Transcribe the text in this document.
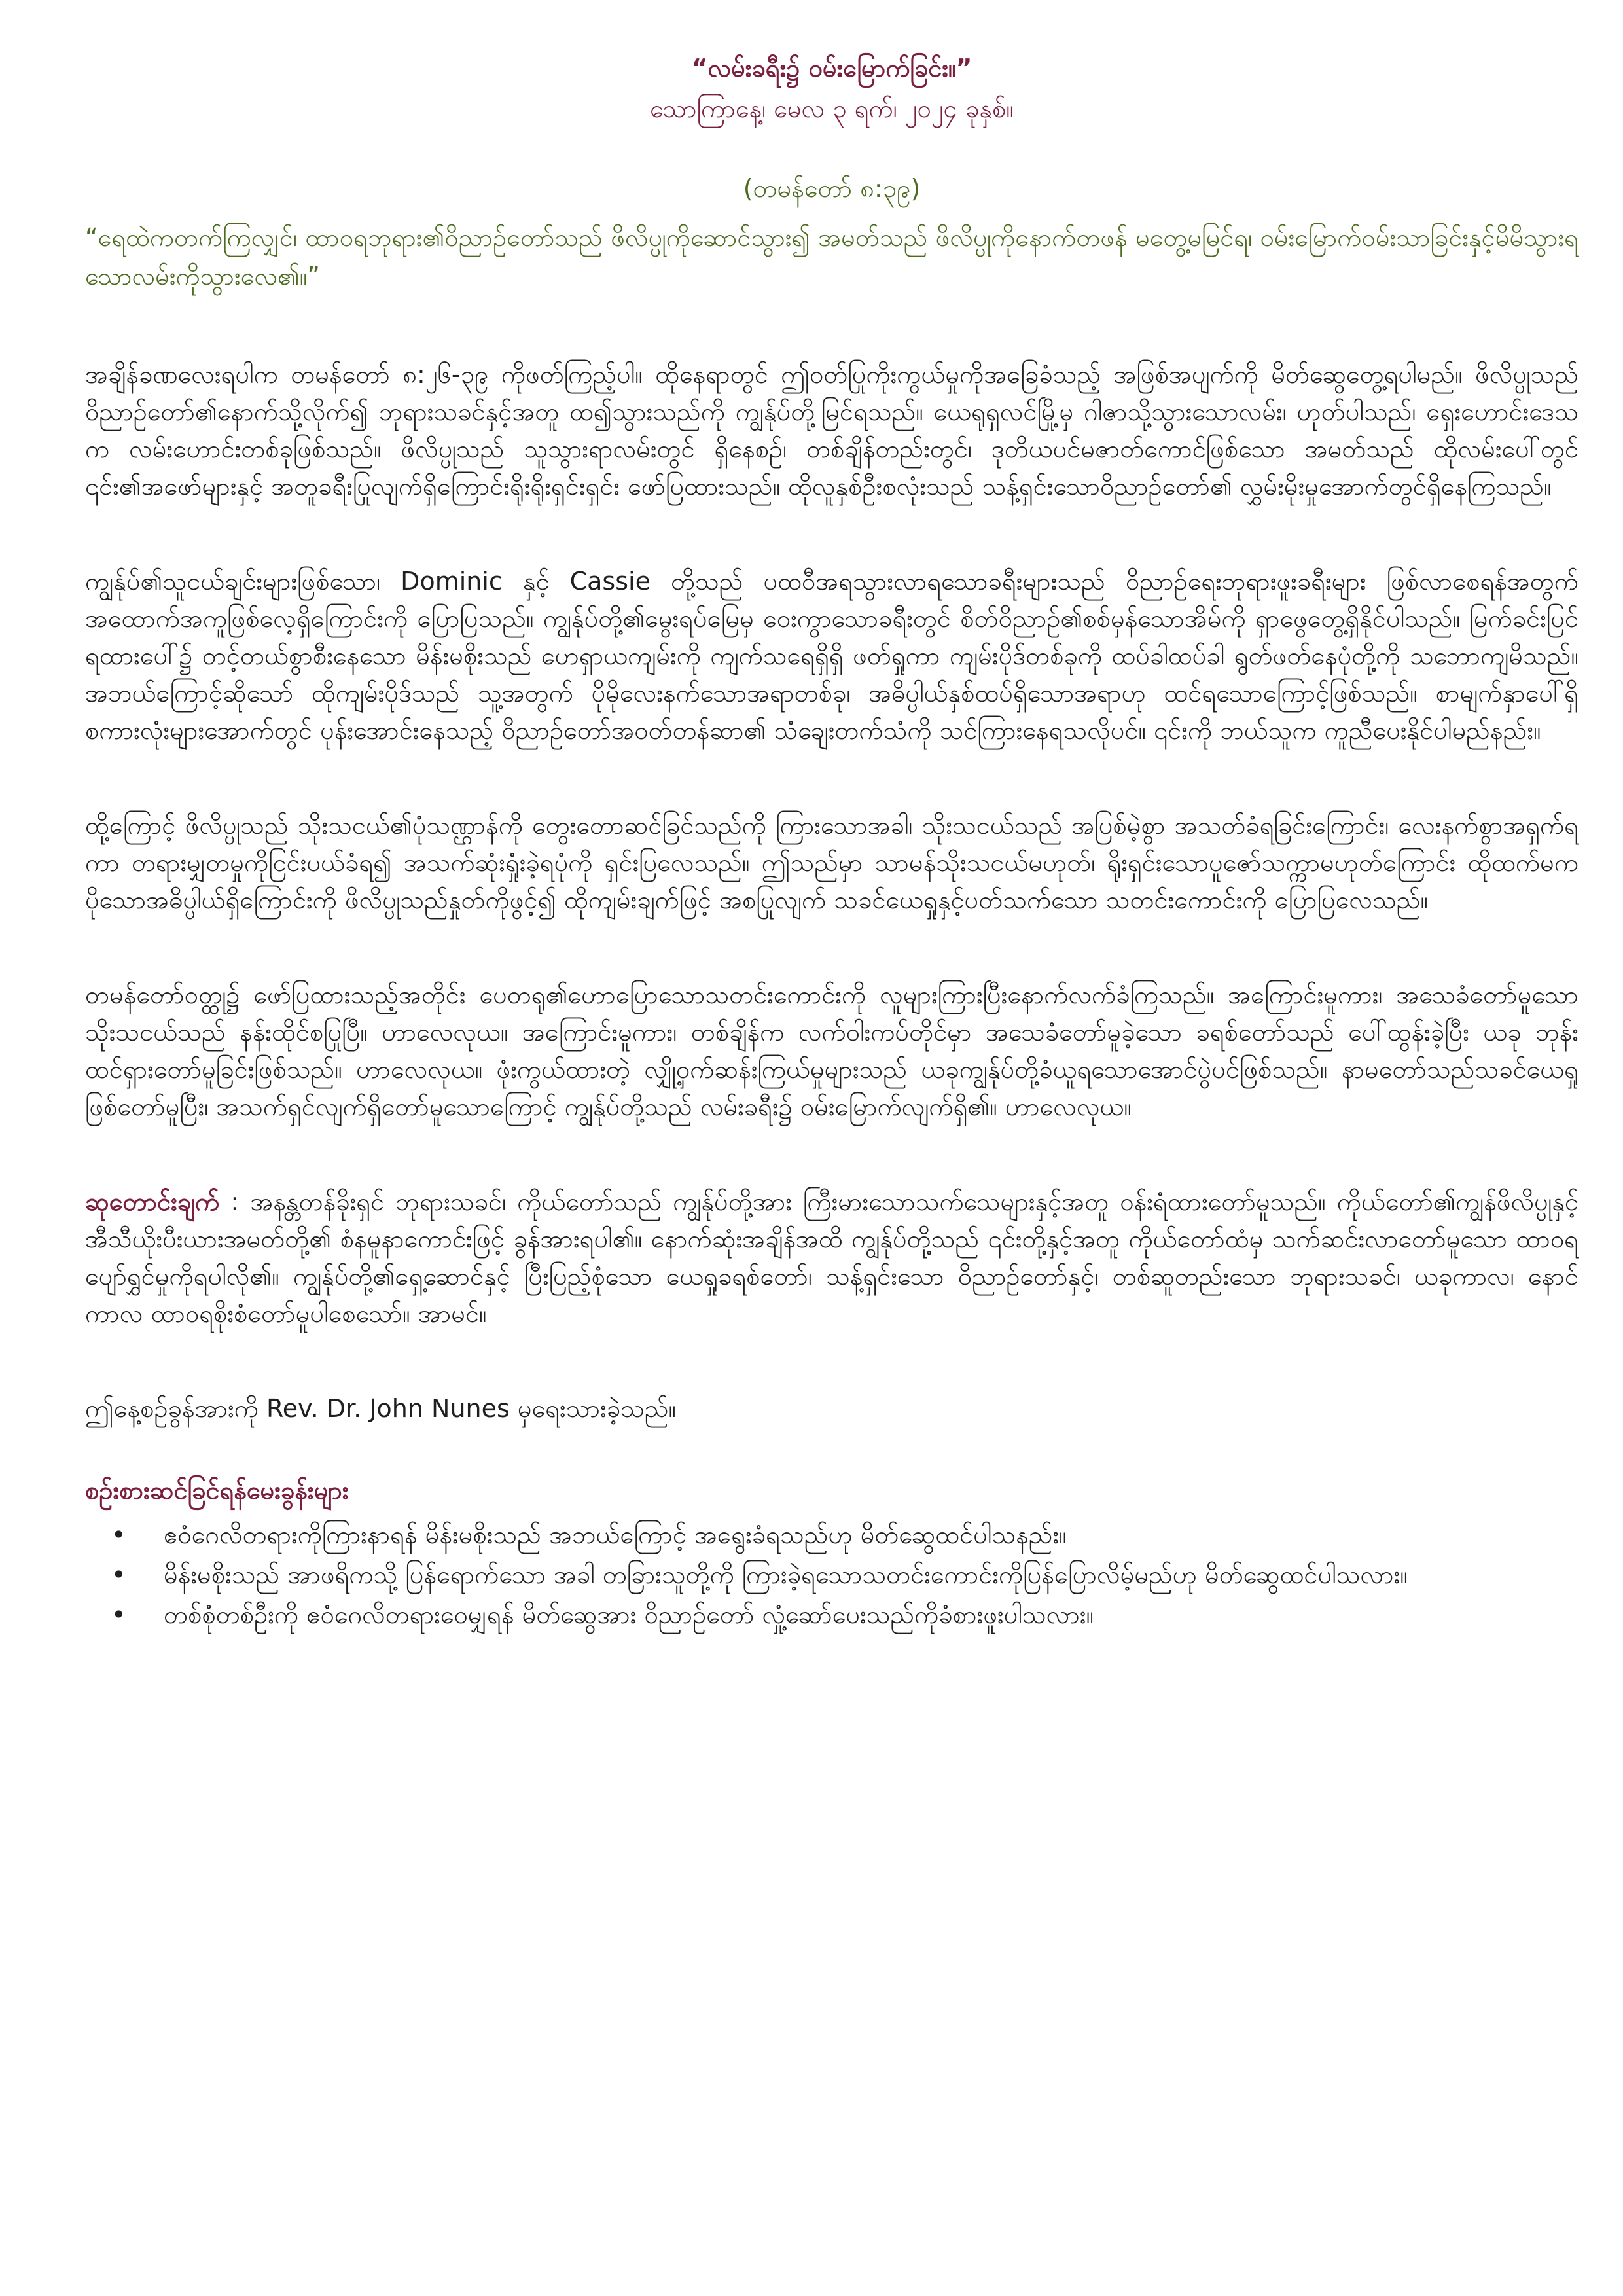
“လမ်းခရီး၌ ဝမ်းမြောက်ခြင်း။”
သောကြာနေ့၊ မေလ ၃ ရက်၊ ၂၀၂၄ ခုနှစ်။
(တမန်တော် ၈:၃၉)
“ရေထဲကတက်ကြလျှင်၊ ထာဝရဘုရား၏ဝိညာဉ်တော်သည် ဖိလိပ္ပုကိုဆောင်သွား၍ အမတ်သည် ဖိလိပ္ပုကိုနောက်တဖန် မတွေ့မမြင်ရ၊ ဝမ်းမြောက်ဝမ်းသာခြင်းနှင့်မိမိသွားရသောလမ်းကိုသွားလေ၏။”

အချိန်ခဏလေးရပါက တမန်တော် ၈:၂၆-၃၉ ကိုဖတ်ကြည့်ပါ။ ထိုနေရာတွင် ဤဝတ်ပြုကိုးကွယ်မှုကိုအခြေခံသည့် အဖြစ်အပျက်ကို မိတ်ဆွေတွေ့ရပါမည်။ ဖိလိပ္ပုသည်ဝိညာဉ်တော်၏နောက်သို့လိုက်၍ ဘုရားသခင်နှင့်အတူ ထ၍သွားသည်ကို ကျွန်ုပ်တို့မြင်ရသည်။ ယေရုရှလင်မြို့မှ ဂါဇာသို့သွားသောလမ်း၊ ဟုတ်ပါသည်၊ ရှေးဟောင်းဒေသက လမ်းဟောင်းတစ်ခုဖြစ်သည်။ ဖိလိပ္ပုသည် သူသွားရာလမ်းတွင် ရှိနေစဉ်၊ တစ်ချိန်တည်းတွင်၊ ဒုတိယပင်မဇာတ်ကောင်ဖြစ်သော အမတ်သည် ထိုလမ်းပေါ်တွင် ၎င်း၏အဖော်များနှင့် အတူခရီးပြုလျက်ရှိကြောင်းရိုးရိုးရှင်းရှင်း ဖော်ပြထားသည်။ ထိုလူနှစ်ဦးစလုံးသည် သန့်ရှင်းသောဝိညာဉ်တော်၏ လွှမ်းမိုးမှုအောက်တွင်ရှိနေကြသည်။

ကျွန်ုပ်၏သူငယ်ချင်းများဖြစ်သော၊ Dominic နှင့် Cassie တို့သည် ပထဝီအရသွားလာရသောခရီးများသည် ဝိညာဉ်ရေးဘုရားဖူးခရီးများ ဖြစ်လာစေရန်အတွက် အထောက်အကူဖြစ်လေ့ရှိကြောင်းကို ပြောပြသည်။ ကျွန်ုပ်တို့၏မွေးရပ်မြေမှ ဝေးကွာသောခရီးတွင် စိတ်ဝိညာဉ်၏စစ်မှန်သောအိမ်ကို ရှာဖွေတွေ့ရှိနိုင်ပါသည်။ မြက်ခင်းပြင်ရထားပေါ်၌ တင့်တယ်စွာစီးနေသော မိန်းမစိုးသည် ဟေရှာယကျမ်းကို ကျက်သရေရှိရှိ ဖတ်ရှုကာ ကျမ်းပိုဒ်တစ်ခုကို ထပ်ခါထပ်ခါ ရွတ်ဖတ်နေပုံတို့ကို သဘောကျမိသည်။ အဘယ်ကြောင့်ဆိုသော် ထိုကျမ်းပိုဒ်သည် သူ့အတွက် ပိုမိုလေးနက်သောအရာတစ်ခု၊ အဓိပ္ပါယ်နှစ်ထပ်ရှိသောအရာဟု ထင်ရသောကြောင့်ဖြစ်သည်။ စာမျက်နှာပေါ်ရှိ စကားလုံးများအောက်တွင် ပုန်းအောင်းနေသည့် ဝိညာဉ်တော်အဝတ်တန်ဆာ၏ သံချေးတက်သံကို သင်ကြားနေရသလိုပင်။ ၎င်းကို ဘယ်သူက ကူညီပေးနိုင်ပါမည်နည်း။

ထို့ကြောင့် ဖိလိပ္ပုသည် သိုးသငယ်၏ပုံသဏ္ဌာန်ကို တွေးတောဆင်ခြင်သည်ကို ကြားသောအခါ၊ သိုးသငယ်သည် အပြစ်မဲ့စွာ အသတ်ခံရခြင်းကြောင်း၊ လေးနက်စွာအရှက်ရကာ တရားမျှတမှုကိုငြင်းပယ်ခံရ၍ အသက်ဆုံးရှုံးခဲ့ရပုံကို ရှင်းပြလေသည်။ ဤသည်မှာ သာမန်သိုးသငယ်မဟုတ်၊ ရိုးရှင်းသောပူဇော်သက္ကာမဟုတ်ကြောင်း ထိုထက်မက ပိုသောအဓိပ္ပါယ်ရှိကြောင်းကို ဖိလိပ္ပုသည်နှုတ်ကိုဖွင့်၍ ထိုကျမ်းချက်ဖြင့် အစပြုလျက် သခင်ယေရှုနှင့်ပတ်သက်သော သတင်းကောင်းကို ပြောပြလေသည်။

တမန်တော်ဝတ္ထု၌ ဖော်ပြထားသည့်အတိုင်း ပေတရု၏ဟောပြောသောသတင်းကောင်းကို လူများကြားပြီးနောက်လက်ခံကြသည်။ အကြောင်းမူကား၊ အသေခံတော်မူသော သိုးသငယ်သည် နန်းထိုင်စပြုပြီ။ ဟာလေလုယ။ အကြောင်းမူကား၊ တစ်ချိန်က လက်ဝါးကပ်တိုင်မှာ အသေခံတော်မူခဲ့သော ခရစ်တော်သည် ပေါ်ထွန်းခဲ့ပြီး ယခု ဘုန်းထင်ရှားတော်မူခြင်းဖြစ်သည်။ ဟာလေလုယ။ ဖုံးကွယ်ထားတဲ့ လျှို့ဝှက်ဆန်းကြယ်မှုများသည် ယခုကျွန်ုပ်တို့ခံယူရသောအောင်ပွဲပင်ဖြစ်သည်။ နာမတော်သည်သခင်ယေရှုဖြစ်တော်မူပြီး၊ အသက်ရှင်လျက်ရှိတော်မူသောကြောင့် ကျွန်ုပ်တို့သည် လမ်းခရီး၌ ဝမ်းမြောက်လျက်ရှိ၏။ ဟာလေလုယ။

ဆုတောင်းချက် : အနန္တတန်ခိုးရှင် ဘုရားသခင်၊ ကိုယ်တော်သည် ကျွန်ုပ်တို့အား ကြီးမားသောသက်သေများနှင့်အတူ ဝန်းရံထားတော်မူသည်။ ကိုယ်တော်၏ကျွန်ဖိလိပ္ပုနှင့် အီသီယိုးပီးယားအမတ်တို့၏ စံနမူနာကောင်းဖြင့် ခွန်အားရပါ၏။ နောက်ဆုံးအချိန်အထိ ကျွန်ုပ်တို့သည် ၎င်းတို့နှင့်အတူ ကိုယ်တော်ထံမှ သက်ဆင်းလာတော်မူသော ထာဝရပျော်ရွှင်မှုကိုရပါလို၏။ ကျွန်ုပ်တို့၏ရှေ့ဆောင်နှင့် ပြီးပြည့်စုံသော ယေရှုခရစ်တော်၊ သန့်ရှင်းသော ဝိညာဉ်တော်နှင့်၊ တစ်ဆူတည်းသော ဘုရားသခင်၊ ယခုကာလ၊ နောင်ကာလ ထာဝရစိုးစံတော်မူပါစေသော်။ အာမင်။

ဤနေ့စဉ်ခွန်အားကို Rev. Dr. John Nunes မှရေးသားခဲ့သည်။
စဉ်းစားဆင်ခြင်ရန်မေးခွန်းများ
• ဧဝံဂေလိတရားကိုကြားနာရန် မိန်းမစိုးသည် အဘယ်ကြောင့် အရွေးခံရသည်ဟု မိတ်ဆွေထင်ပါသနည်း။
• မိန်းမစိုးသည် အာဖရိကသို့ ပြန်ရောက်သော အခါ တခြားသူတို့ကို ကြားခဲ့ရသောသတင်းကောင်းကိုပြန်ပြောလိမ့်မည်ဟု မိတ်ဆွေထင်ပါသလား။
• တစ်စုံတစ်ဦးကို ဧဝံဂေလိတရားဝေမျှရန် မိတ်ဆွေအား ဝိညာဉ်တော် လှုံ့ဆော်ပေးသည်ကိုခံစားဖူးပါသလား။
